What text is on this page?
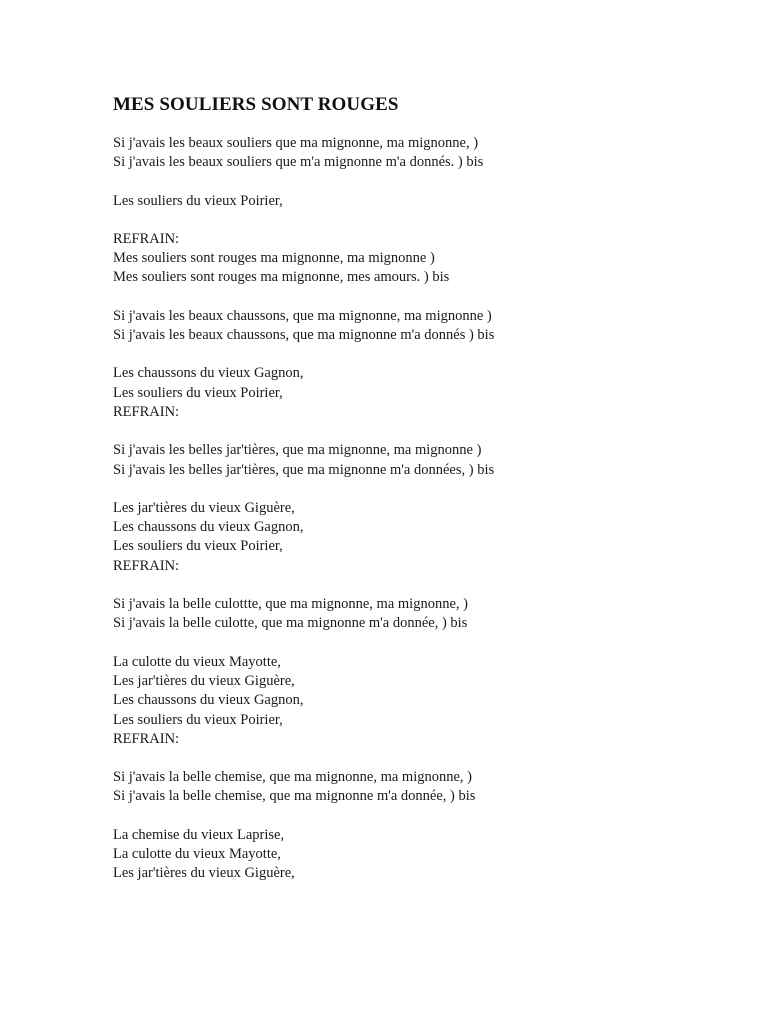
MES SOULIERS SONT ROUGES
Si j'avais les beaux souliers que ma mignonne, ma mignonne, )
Si j'avais les beaux souliers que m'a mignonne m'a donnés. ) bis
Les souliers du vieux Poirier,
REFRAIN:
Mes souliers sont rouges ma mignonne, ma mignonne )
Mes souliers sont rouges ma mignonne, mes amours. ) bis
Si j'avais les beaux chaussons, que ma mignonne, ma mignonne )
Si j'avais les beaux chaussons, que ma mignonne m'a donnés ) bis
Les chaussons du vieux Gagnon,
Les souliers du vieux Poirier,
REFRAIN:
Si j'avais les belles jar'tières, que ma mignonne, ma mignonne )
Si j'avais les belles jar'tières, que ma mignonne m'a données, ) bis
Les jar'tières du vieux Giguère,
Les chaussons du vieux Gagnon,
Les souliers du vieux Poirier,
REFRAIN:
Si j'avais la belle culottte, que ma mignonne, ma mignonne, )
Si j'avais la belle culotte, que ma mignonne m'a donnée, ) bis
La culotte du vieux Mayotte,
Les jar'tières du vieux Giguère,
Les chaussons du vieux Gagnon,
Les souliers du vieux Poirier,
REFRAIN:
Si j'avais la belle chemise, que ma mignonne, ma mignonne, )
Si j'avais la belle chemise, que ma mignonne m'a donnée, ) bis
La chemise du vieux Laprise,
La culotte du vieux Mayotte,
Les jar'tières du vieux Giguère,
